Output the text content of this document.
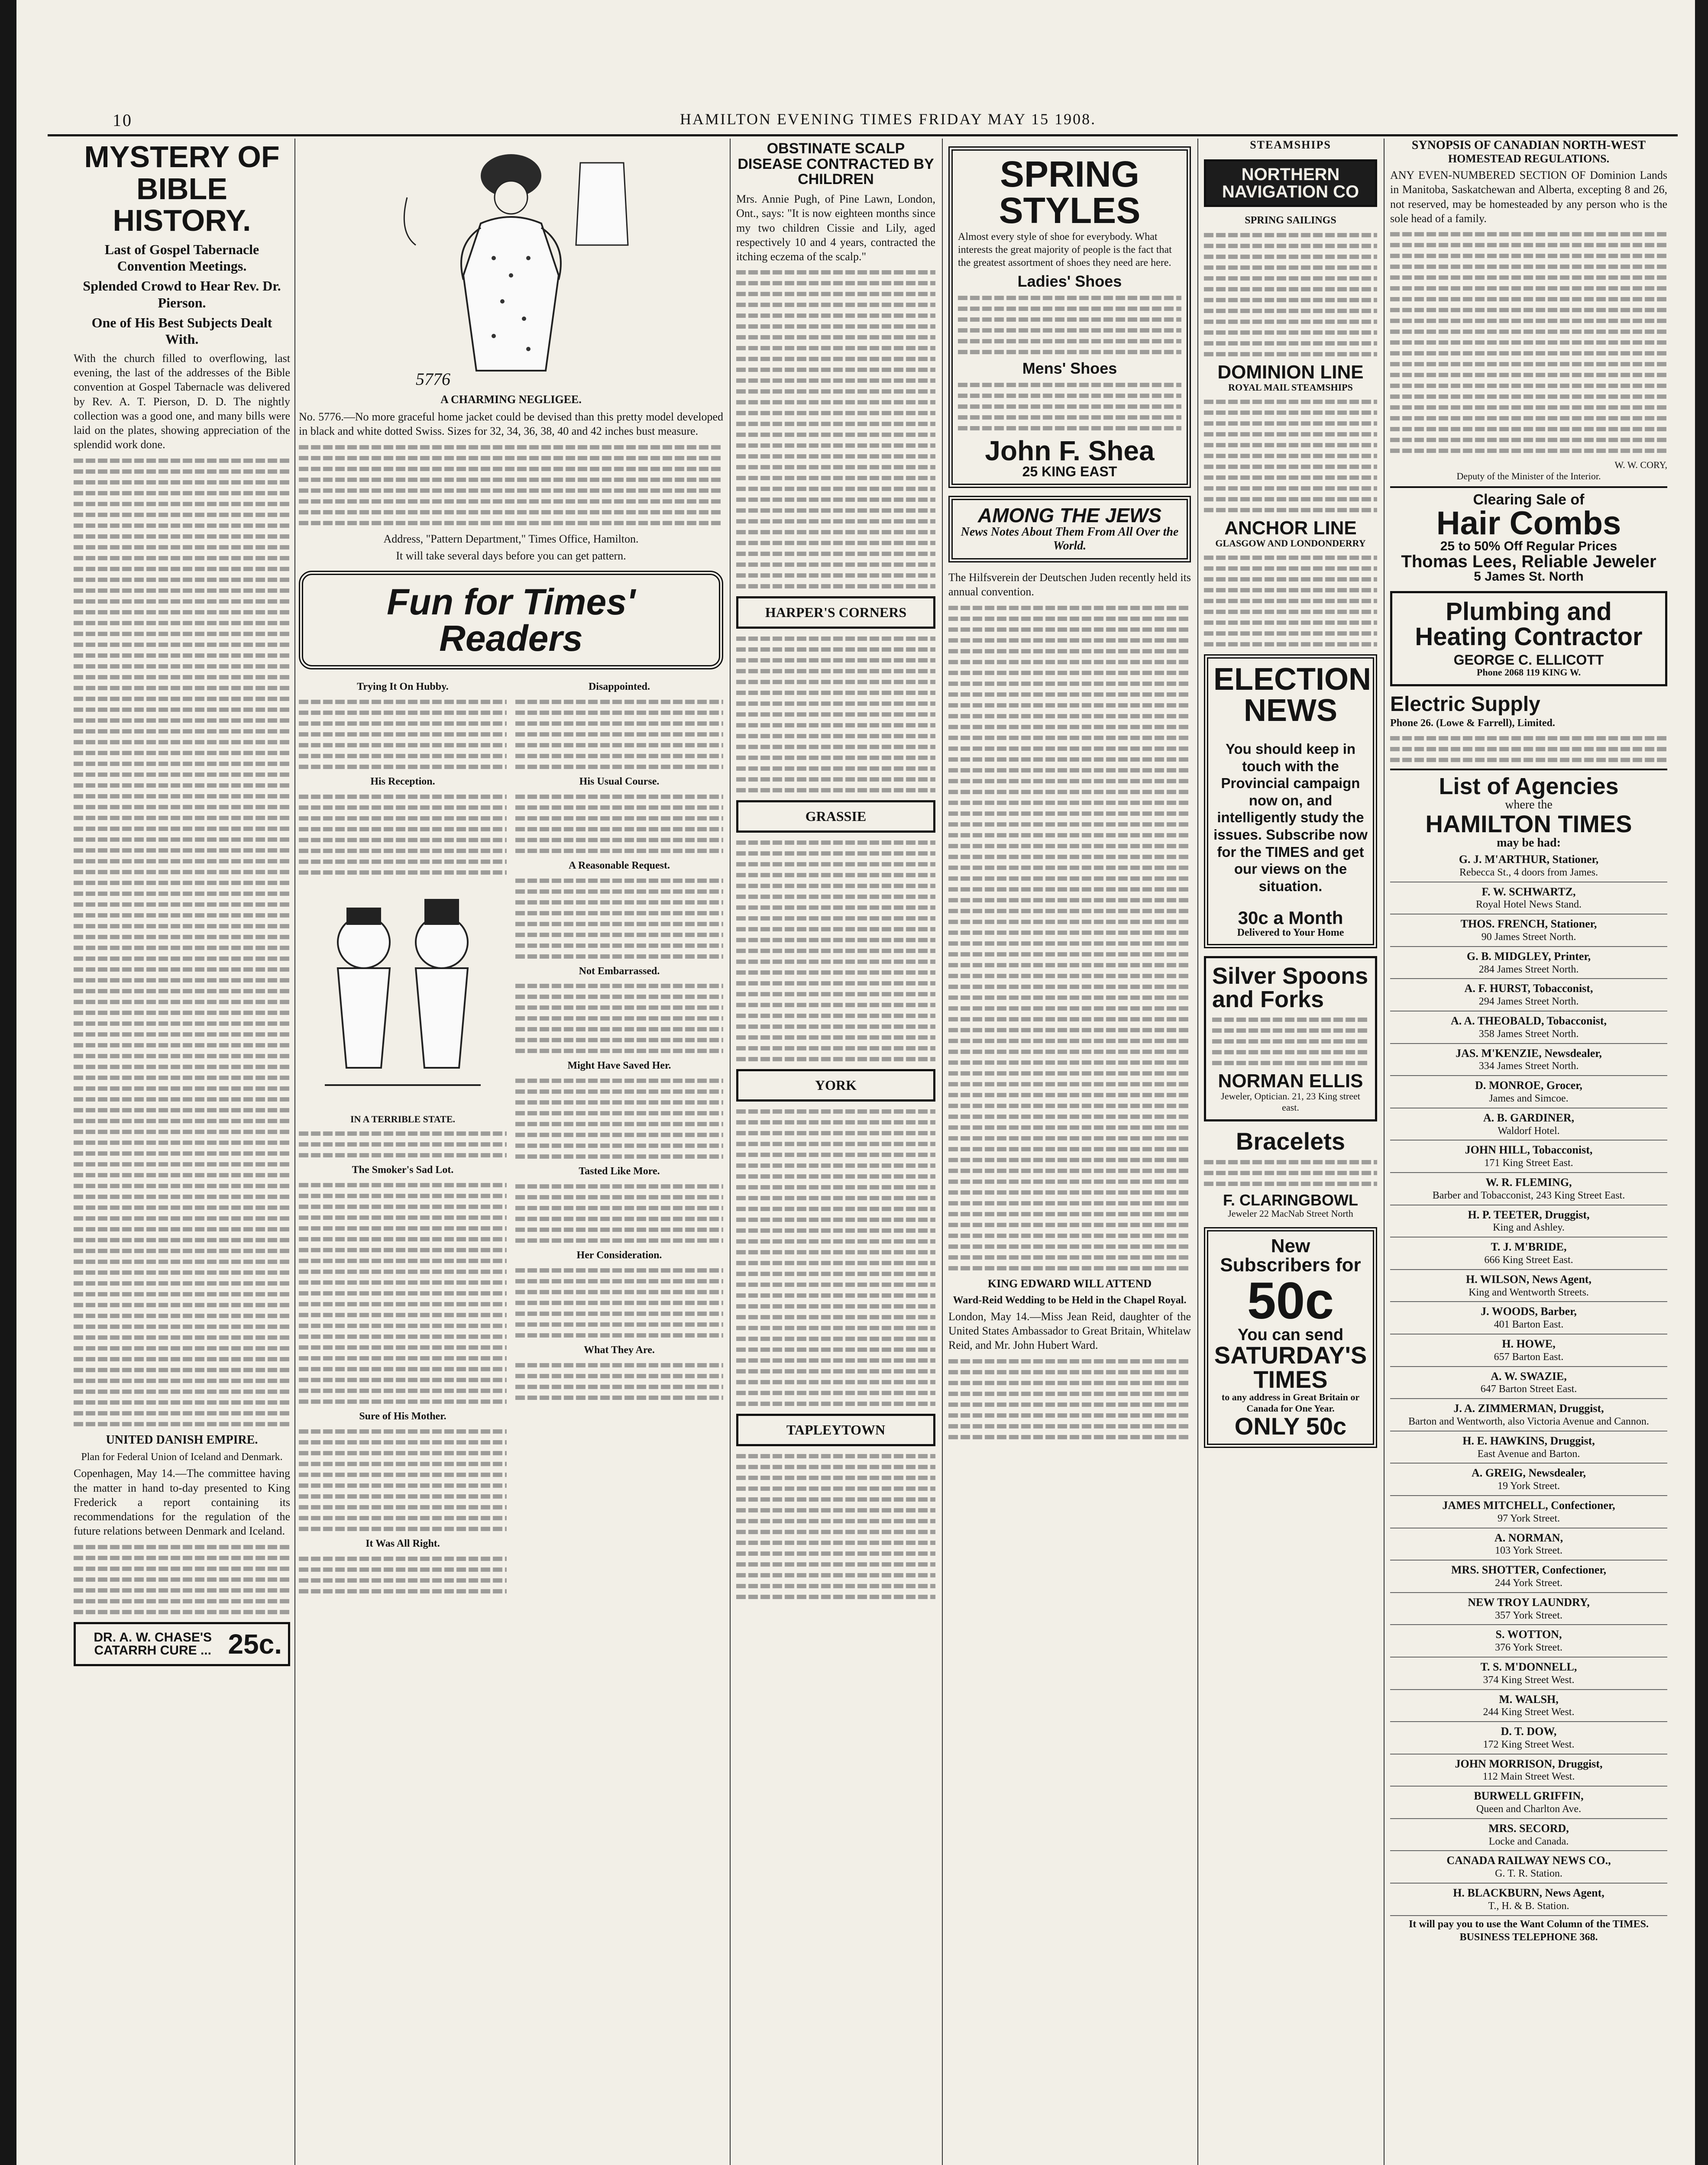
10	HAMILTON EVENING TIMES FRIDAY MAY 15 1908.
MYSTERY OF BIBLE HISTORY.
Last of Gospel Tabernacle Convention Meetings.
Splended Crowd to Hear Rev. Dr. Pierson.
One of His Best Subjects Dealt With.

With the church filled to overflowing, last evening, the last of the addresses of the Bible convention at Gospel Tabernacle was delivered by Rev. A. T. Pierson, D. D. The nightly collection was a good one, and many bills were laid on the plates, showing appreciation of the splendid work done.

UNITED DANISH EMPIRE.
Plan for Federal Union of Iceland and Denmark.

Copenhagen, May 14.—The committee having the matter in hand to-day presented to King Frederick a report containing its recommendations for the regulation of the future relations between Denmark and Iceland.

DR. A. W. CHASE'S CATARRH CURE ... 25c.
5776
A CHARMING NEGLIGEE.

No. 5776.—No more graceful home jacket could be devised than this pretty model developed in black and white dotted Swiss. Sizes for 32, 34, 36, 38, 40 and 42 inches bust measure.

Address, "Pattern Department," Times Office, Hamilton.

It will take several days before you can get pattern.

Fun for Times' Readers
Trying It On Hubby.
His Reception.
IN A TERRIBLE STATE.
The Smoker's Sad Lot.
Sure of His Mother.
It Was All Right.
Disappointed.
His Usual Course.
A Reasonable Request.
Not Embarrassed.
Might Have Saved Her.
Tasted Like More.
Her Consideration.
What They Are.
OBSTINATE SCALP DISEASE CONTRACTED BY CHILDREN

Mrs. Annie Pugh, of Pine Lawn, London, Ont., says: "It is now eighteen months since my two children Cissie and Lily, aged respectively 10 and 4 years, contracted the itching eczema of the scalp."

HARPER'S CORNERS
GRASSIE
YORK
TAPLEYTOWN
SPRING STYLES

Almost every style of shoe for everybody. What interests the great majority of people is the fact that the greatest assortment of shoes they need are here.

Ladies' Shoes
Mens' Shoes
John F. Shea
25 KING EAST
AMONG THE JEWS
News Notes About Them From All Over the World.

The Hilfsverein der Deutschen Juden recently held its annual convention.

KING EDWARD WILL ATTEND
Ward-Reid Wedding to be Held in the Chapel Royal.

London, May 14.—Miss Jean Reid, daughter of the United States Ambassador to Great Britain, Whitelaw Reid, and Mr. John Hubert Ward.

STEAMSHIPS
NORTHERN NAVIGATION CO
SPRING SAILINGS
DOMINION LINE
ROYAL MAIL STEAMSHIPS
ANCHOR LINE
GLASGOW AND LONDONDERRY
ELECTION NEWS

You should keep in touch with the Provincial campaign now on, and intelligently study the issues. Subscribe now for the TIMES and get our views on the situation.

30c a Month
Delivered to Your Home
Silver Spoons and Forks
NORMAN ELLIS
Jeweler, Optician. 21, 23 King street east.
Bracelets
F. CLARINGBOWL
Jeweler 22 MacNab Street North
New Subscribers for
50c
You can send
SATURDAY'S TIMES
to any address in Great Britain or Canada for One Year.
ONLY 50c
SYNOPSIS OF CANADIAN NORTH-WEST
HOMESTEAD REGULATIONS.

ANY EVEN-NUMBERED SECTION OF Dominion Lands in Manitoba, Saskatchewan and Alberta, excepting 8 and 26, not reserved, may be homesteaded by any person who is the sole head of a family.

W. W. CORY,
Deputy of the Minister of the Interior.
Clearing Sale of
Hair Combs
25 to 50% Off Regular Prices
Thomas Lees, Reliable Jeweler
5 James St. North
Plumbing and Heating Contractor
GEORGE C. ELLICOTT
Phone 2068 119 KING W.
Electric Supply
Phone 26. (Lowe & Farrell), Limited.
List of Agencies
where the
HAMILTON TIMES
may be had:
G. J. M'ARTHUR, Stationer,
Rebecca St., 4 doors from James.
F. W. SCHWARTZ,
Royal Hotel News Stand.
THOS. FRENCH, Stationer,
90 James Street North.
G. B. MIDGLEY, Printer,
284 James Street North.
A. F. HURST, Tobacconist,
294 James Street North.
A. A. THEOBALD, Tobacconist,
358 James Street North.
JAS. M'KENZIE, Newsdealer,
334 James Street North.
D. MONROE, Grocer,
James and Simcoe.
A. B. GARDINER,
Waldorf Hotel.
JOHN HILL, Tobacconist,
171 King Street East.
W. R. FLEMING,
Barber and Tobacconist, 243 King Street East.
H. P. TEETER, Druggist,
King and Ashley.
T. J. M'BRIDE,
666 King Street East.
H. WILSON, News Agent,
King and Wentworth Streets.
J. WOODS, Barber,
401 Barton East.
H. HOWE,
657 Barton East.
A. W. SWAZIE,
647 Barton Street East.
J. A. ZIMMERMAN, Druggist,
Barton and Wentworth, also Victoria Avenue and Cannon.
H. E. HAWKINS, Druggist,
East Avenue and Barton.
A. GREIG, Newsdealer,
19 York Street.
JAMES MITCHELL, Confectioner,
97 York Street.
A. NORMAN,
103 York Street.
MRS. SHOTTER, Confectioner,
244 York Street.
NEW TROY LAUNDRY,
357 York Street.
S. WOTTON,
376 York Street.
T. S. M'DONNELL,
374 King Street West.
M. WALSH,
244 King Street West.
D. T. DOW,
172 King Street West.
JOHN MORRISON, Druggist,
112 Main Street West.
BURWELL GRIFFIN,
Queen and Charlton Ave.
MRS. SECORD,
Locke and Canada.
CANADA RAILWAY NEWS CO.,
G. T. R. Station.
H. BLACKBURN, News Agent,
T., H. & B. Station.

It will pay you to use the Want Column of the TIMES. BUSINESS TELEPHONE 368.
